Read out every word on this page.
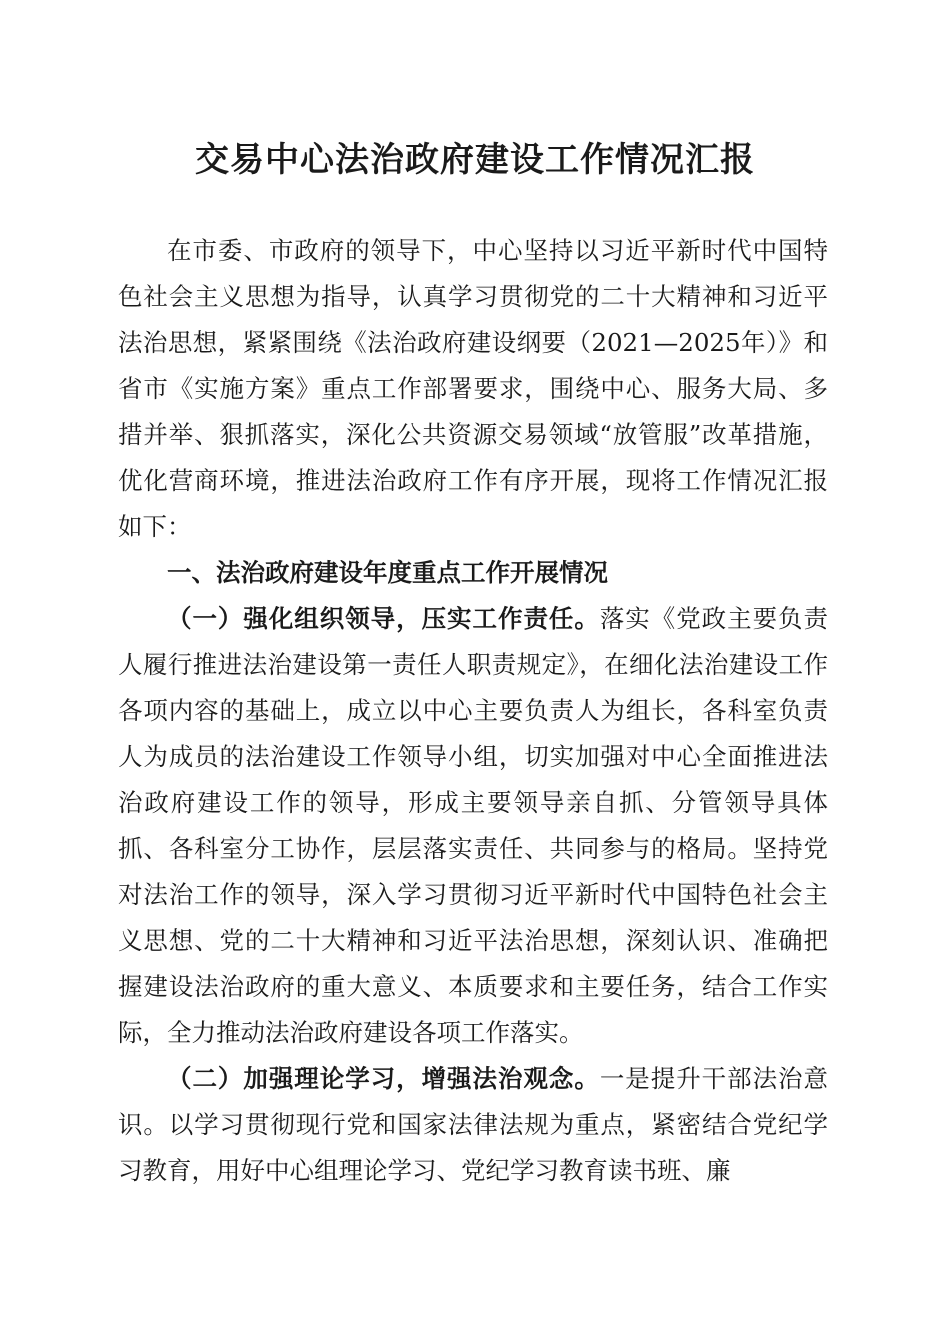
交易中心法治政府建设工作情况汇报

在市委、市政府的领导下，中心坚持以习近平新时代中国特色社会主义思想为指导，认真学习贯彻党的二十大精神和习近平法治思想，紧紧围绕《法治政府建设纲要（2021—2025年）》和省市《实施方案》重点工作部署要求，围绕中心、服务大局、多措并举、狠抓落实，深化公共资源交易领域“放管服”改革措施，优化营商环境，推进法治政府工作有序开展，现将工作情况汇报如下：

一、法治政府建设年度重点工作开展情况

（一）强化组织领导，压实工作责任。落实《党政主要负责人履行推进法治建设第一责任人职责规定》，在细化法治建设工作各项内容的基础上，成立以中心主要负责人为组长，各科室负责人为成员的法治建设工作领导小组，切实加强对中心全面推进法治政府建设工作的领导，形成主要领导亲自抓、分管领导具体抓、各科室分工协作，层层落实责任、共同参与的格局。坚持党对法治工作的领导，深入学习贯彻习近平新时代中国特色社会主义思想、党的二十大精神和习近平法治思想，深刻认识、准确把握建设法治政府的重大意义、本质要求和主要任务，结合工作实际，全力推动法治政府建设各项工作落实。

（二）加强理论学习，增强法治观念。一是提升干部法治意识。以学习贯彻现行党和国家法律法规为重点，紧密结合党纪学习教育，用好中心组理论学习、党纪学习教育读书班、廉
